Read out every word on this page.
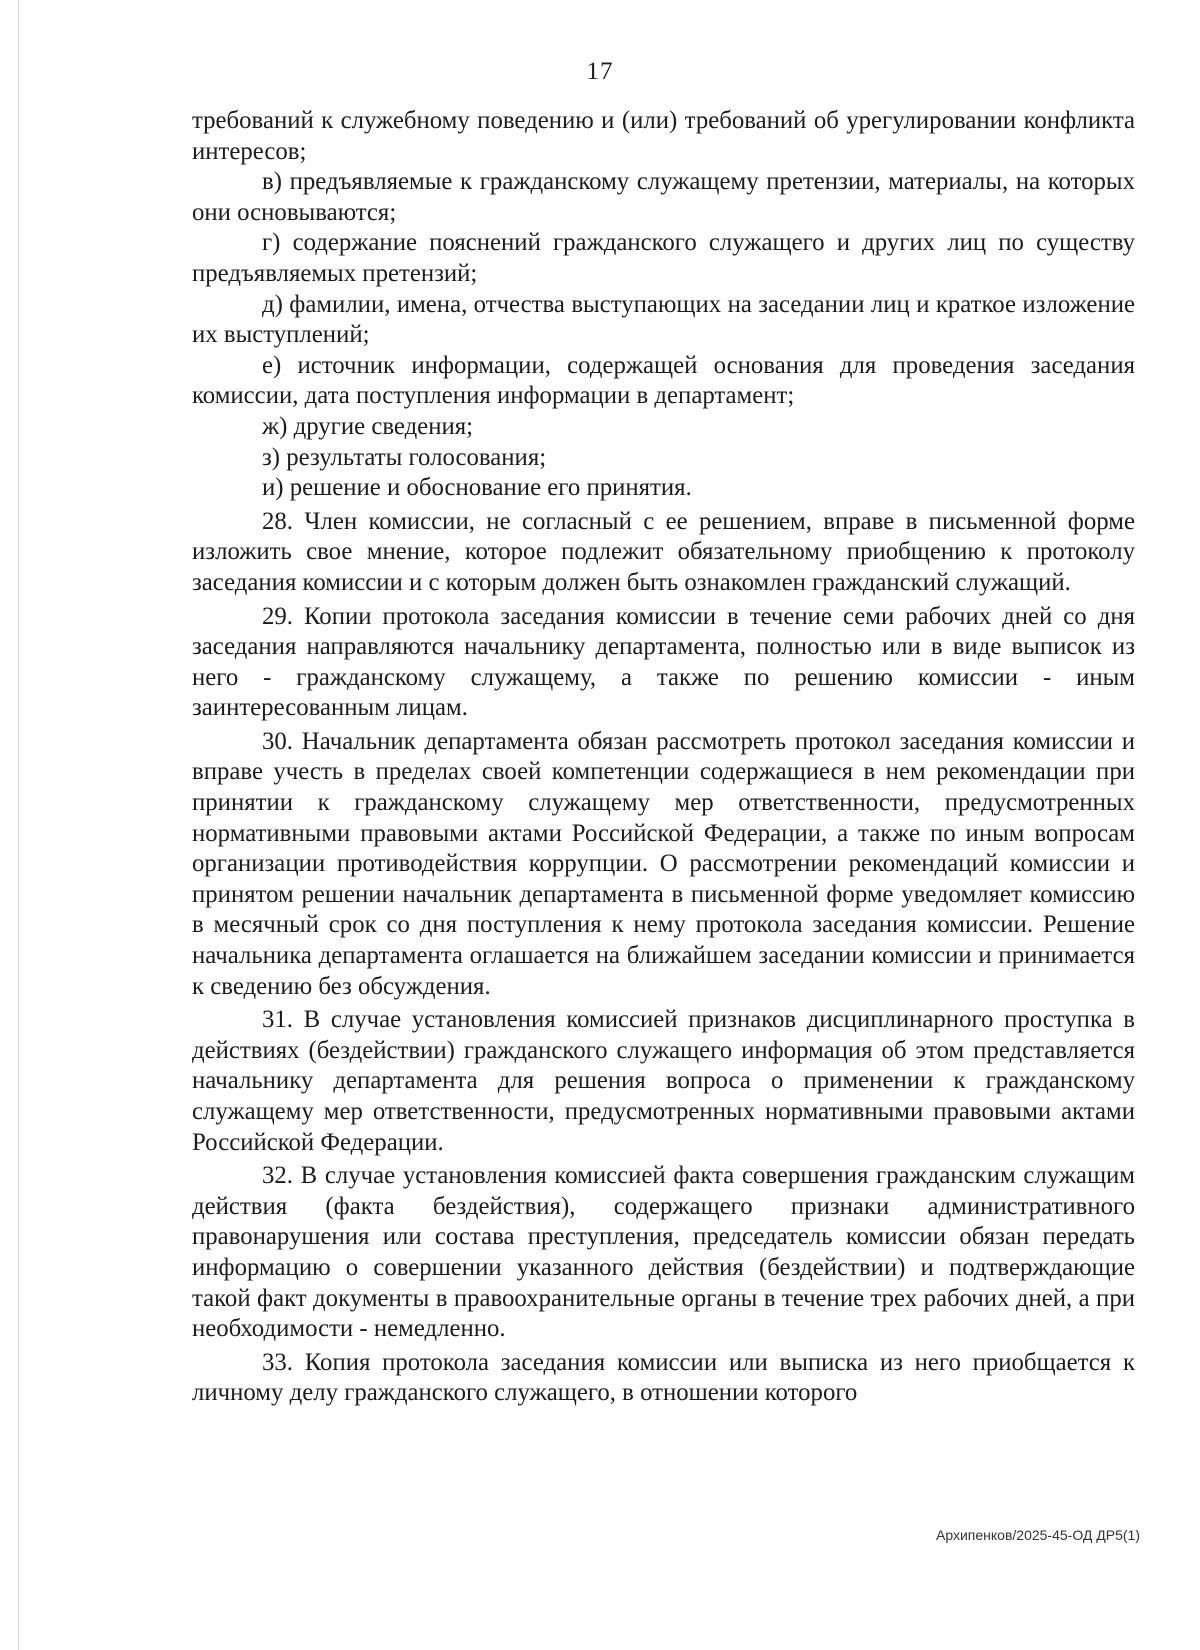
17

требований к служебному поведению и (или) требований об урегулировании конфликта интересов;

в) предъявляемые к гражданскому служащему претензии, материалы, на которых они основываются;

г) содержание пояснений гражданского служащего и других лиц по существу предъявляемых претензий;

д) фамилии, имена, отчества выступающих на заседании лиц и краткое изложение их выступлений;

е) источник информации, содержащей основания для проведения заседания комиссии, дата поступления информации в департамент;

ж) другие сведения;

з) результаты голосования;

и) решение и обоснование его принятия.

28. Член комиссии, не согласный с ее решением, вправе в письменной форме изложить свое мнение, которое подлежит обязательному приобщению к протоколу заседания комиссии и с которым должен быть ознакомлен гражданский служащий.

29. Копии протокола заседания комиссии в течение семи рабочих дней со дня заседания направляются начальнику департамента, полностью или в виде выписок из него - гражданскому служащему, а также по решению комиссии - иным заинтересованным лицам.

30. Начальник департамента обязан рассмотреть протокол заседания комиссии и вправе учесть в пределах своей компетенции содержащиеся в нем рекомендации при принятии к гражданскому служащему мер ответственности, предусмотренных нормативными правовыми актами Российской Федерации, а также по иным вопросам организации противодействия коррупции. О рассмотрении рекомендаций комиссии и принятом решении начальник департамента в письменной форме уведомляет комиссию в месячный срок со дня поступления к нему протокола заседания комиссии. Решение начальника департамента оглашается на ближайшем заседании комиссии и принимается к сведению без обсуждения.

31. В случае установления комиссией признаков дисциплинарного проступка в действиях (бездействии) гражданского служащего информация об этом представляется начальнику департамента для решения вопроса о применении к гражданскому служащему мер ответственности, предусмотренных нормативными правовыми актами Российской Федерации.

32. В случае установления комиссией факта совершения гражданским служащим действия (факта бездействия), содержащего признаки административного правонарушения или состава преступления, председатель комиссии обязан передать информацию о совершении указанного действия (бездействии) и подтверждающие такой факт документы в правоохранительные органы в течение трех рабочих дней, а при необходимости - немедленно.

33. Копия протокола заседания комиссии или выписка из него приобщается к личному делу гражданского служащего, в отношении которого

Архипенков/2025-45-ОД ДР5(1)
